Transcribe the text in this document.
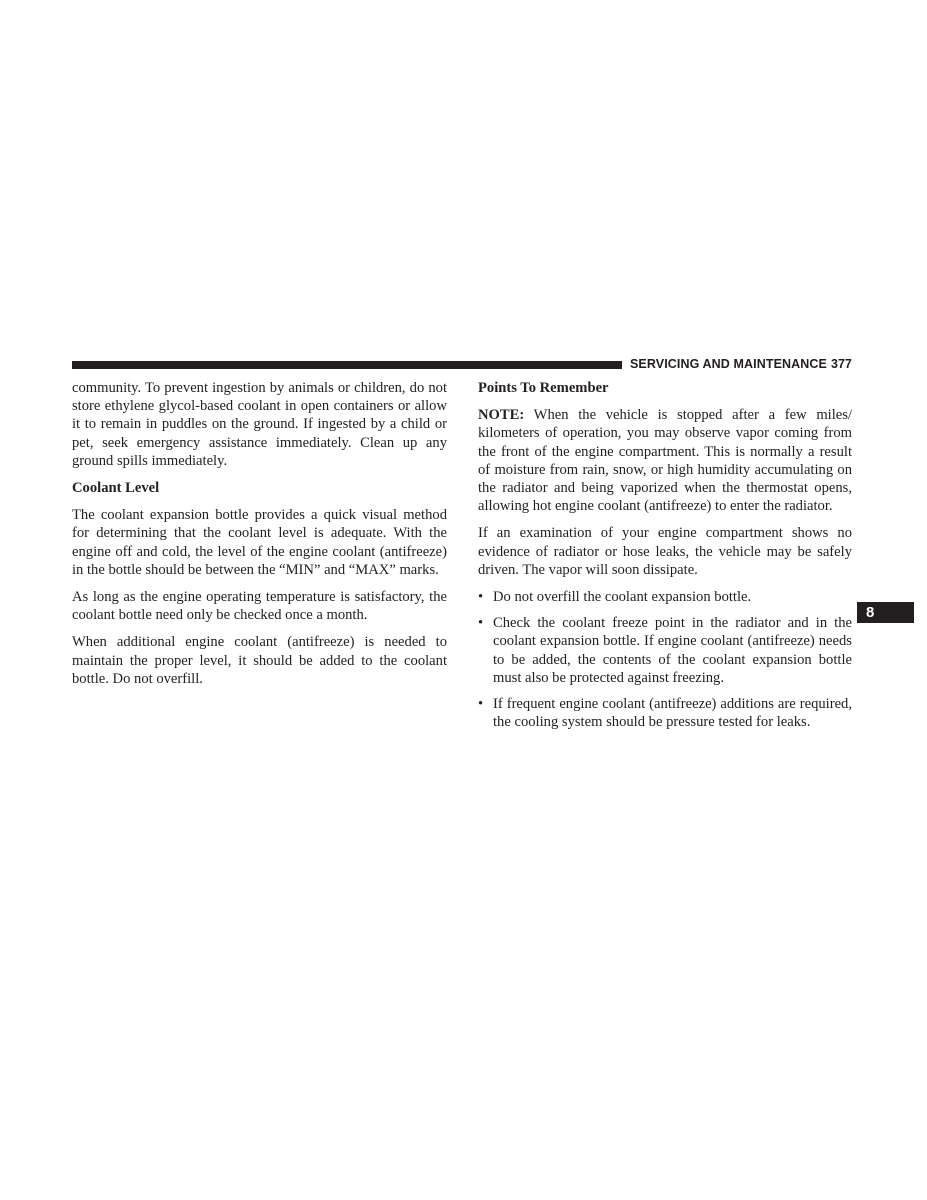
SERVICING AND MAINTENANCE 377

community. To prevent ingestion by animals or children, do not store ethylene glycol-based coolant in open containers or allow it to remain in puddles on the ground. If ingested by a child or pet, seek emergency assistance immediately. Clean up any ground spills immediately.

Coolant Level

The coolant expansion bottle provides a quick visual method for determining that the coolant level is adequate. With the engine off and cold, the level of the engine coolant (antifreeze) in the bottle should be between the “MIN” and “MAX” marks.

As long as the engine operating temperature is satisfactory, the coolant bottle need only be checked once a month.

When additional engine coolant (antifreeze) is needed to maintain the proper level, it should be added to the coolant bottle. Do not overfill.

Points To Remember

NOTE: When the vehicle is stopped after a few miles/​kilometers of operation, you may observe vapor coming from the front of the engine compartment. This is normally a result of moisture from rain, snow, or high humidity accumulating on the radiator and being vaporized when the thermostat opens, allowing hot engine coolant (antifreeze) to enter the radiator.

If an examination of your engine compartment shows no evidence of radiator or hose leaks, the vehicle may be safely driven. The vapor will soon dissipate.

• Do not overfill the coolant expansion bottle.
• Check the coolant freeze point in the radiator and in the coolant expansion bottle. If engine coolant (antifreeze) needs to be added, the contents of the coolant expansion bottle must also be protected against freezing.
• If frequent engine coolant (antifreeze) additions are required, the cooling system should be pressure tested for leaks.
8
